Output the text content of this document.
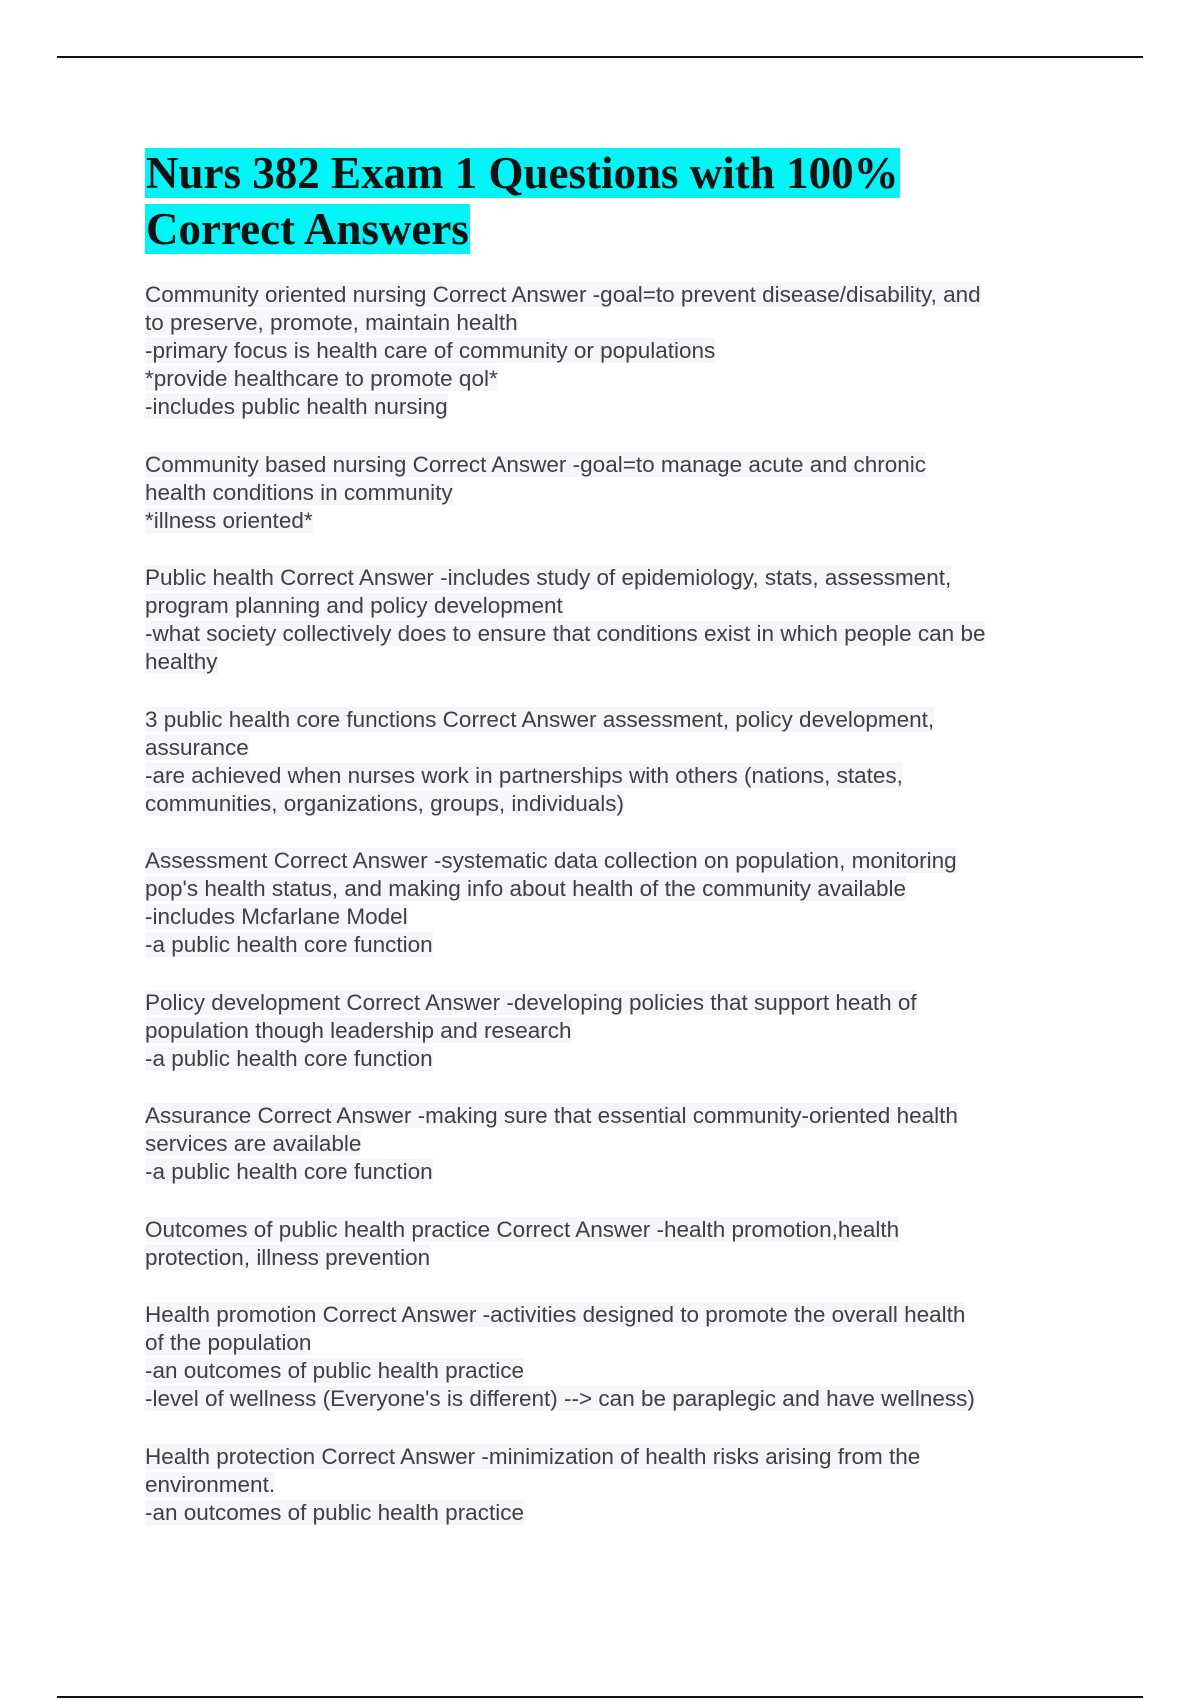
Nurs 382 Exam 1 Questions with 100%
Correct Answers
Community oriented nursing Correct Answer -goal=to prevent disease/disability, and
to preserve, promote, maintain health
-primary focus is health care of community or populations
*provide healthcare to promote qol*
-includes public health nursing
Community based nursing Correct Answer -goal=to manage acute and chronic
health conditions in community
*illness oriented*
Public health Correct Answer -includes study of epidemiology, stats, assessment,
program planning and policy development
-what society collectively does to ensure that conditions exist in which people can be
healthy
3 public health core functions Correct Answer assessment, policy development,
assurance
-are achieved when nurses work in partnerships with others (nations, states,
communities, organizations, groups, individuals)
Assessment Correct Answer -systematic data collection on population, monitoring
pop's health status, and making info about health of the community available
-includes Mcfarlane Model
-a public health core function
Policy development Correct Answer -developing policies that support heath of
population though leadership and research
-a public health core function
Assurance Correct Answer -making sure that essential community-oriented health
services are available
-a public health core function
Outcomes of public health practice Correct Answer -health promotion,health
protection, illness prevention
Health promotion Correct Answer -activities designed to promote the overall health
of the population
-an outcomes of public health practice
-level of wellness (Everyone's is different) --> can be paraplegic and have wellness)
Health protection Correct Answer -minimization of health risks arising from the
environment.
-an outcomes of public health practice
